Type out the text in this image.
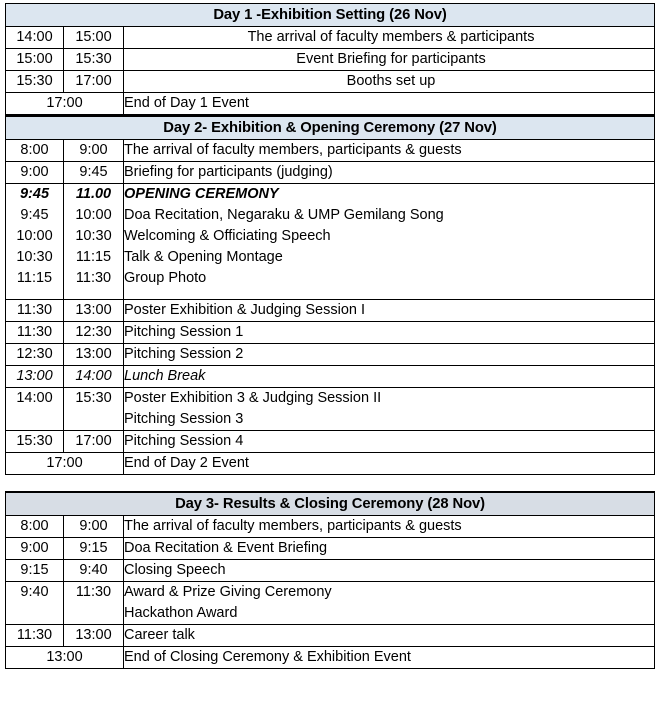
Day 1 -Exhibition Setting (26 Nov)		
14:00	15:00	The arrival of faculty members & participants
15:00	15:30	Event Briefing for participants
15:30	17:00	Booths set up
17:00		End of Day 1 Event
Day 2- Exhibition & Opening Ceremony (27 Nov)		
8:00	9:00	The arrival of faculty members, participants & guests
9:00	9:45	Briefing for participants (judging)
9:45	11.00	OPENING CEREMONY
9:45	10:00	Doa Recitation, Negaraku & UMP Gemilang Song
10:00	10:30	Welcoming & Officiating Speech
10:30	11:15	Talk & Opening Montage
11:15	11:30	Group Photo

11:30	13:00	Poster Exhibition & Judging Session I
11:30	12:30	Pitching Session 1
12:30	13:00	Pitching Session 2
13:00	14:00	Lunch Break
14:00	15:30	Poster Exhibition 3 & Judging Session II
Pitching Session 3

15:30	17:00	Pitching Session 4
17:00		End of Day 2 Event
Day 3- Results & Closing Ceremony (28 Nov)		
8:00	9:00	The arrival of faculty members, participants & guests
9:00	9:15	Doa Recitation & Event Briefing
9:15	9:40	Closing Speech
9:40	11:30	Award & Prize Giving Ceremony
Hackathon Award

11:30	13:00	Career talk
13:00		End of Closing Ceremony & Exhibition Event
